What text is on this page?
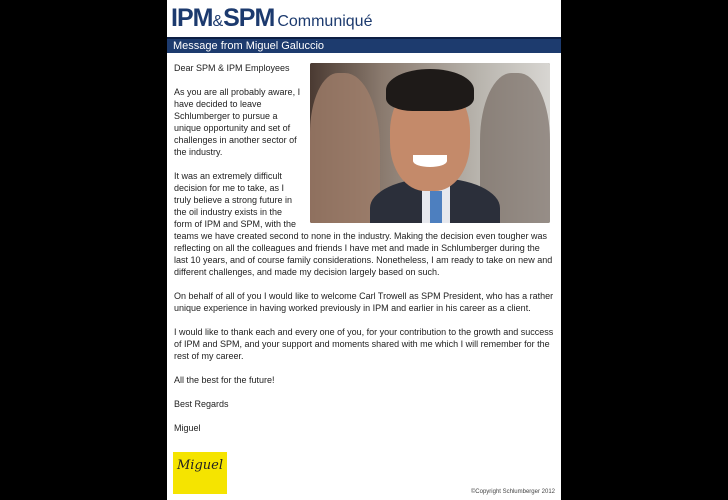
IPM&SPM Communiqué
Message from Miguel Galuccio

Dear SPM & IPM Employees

As you are all probably aware, I have decided to leave Schlumberger to pursue a unique opportunity and set of challenges in another sector of the industry.

It was an extremely difficult decision for me to take, as I truly believe a strong future in the oil industry exists in the form of IPM and SPM, with the teams we have created second to none in the industry. Making the decision even tougher was reflecting on all the colleagues and friends I have met and made in Schlumberger during the last 10 years, and of course family considerations. Nonetheless, I am ready to take on new and different challenges, and made my decision largely based on such.

On behalf of all of you I would like to welcome Carl Trowell as SPM President, who has a rather unique experience in having worked previously in IPM and earlier in his career as a client.

I would like to thank each and every one of you, for your contribution to the growth and success of IPM and SPM, and your support and moments shared with me which I will remember for the rest of my career.

All the best for the future!

Best Regards

Miguel

Miguel
©Copyright Schlumberger 2012
